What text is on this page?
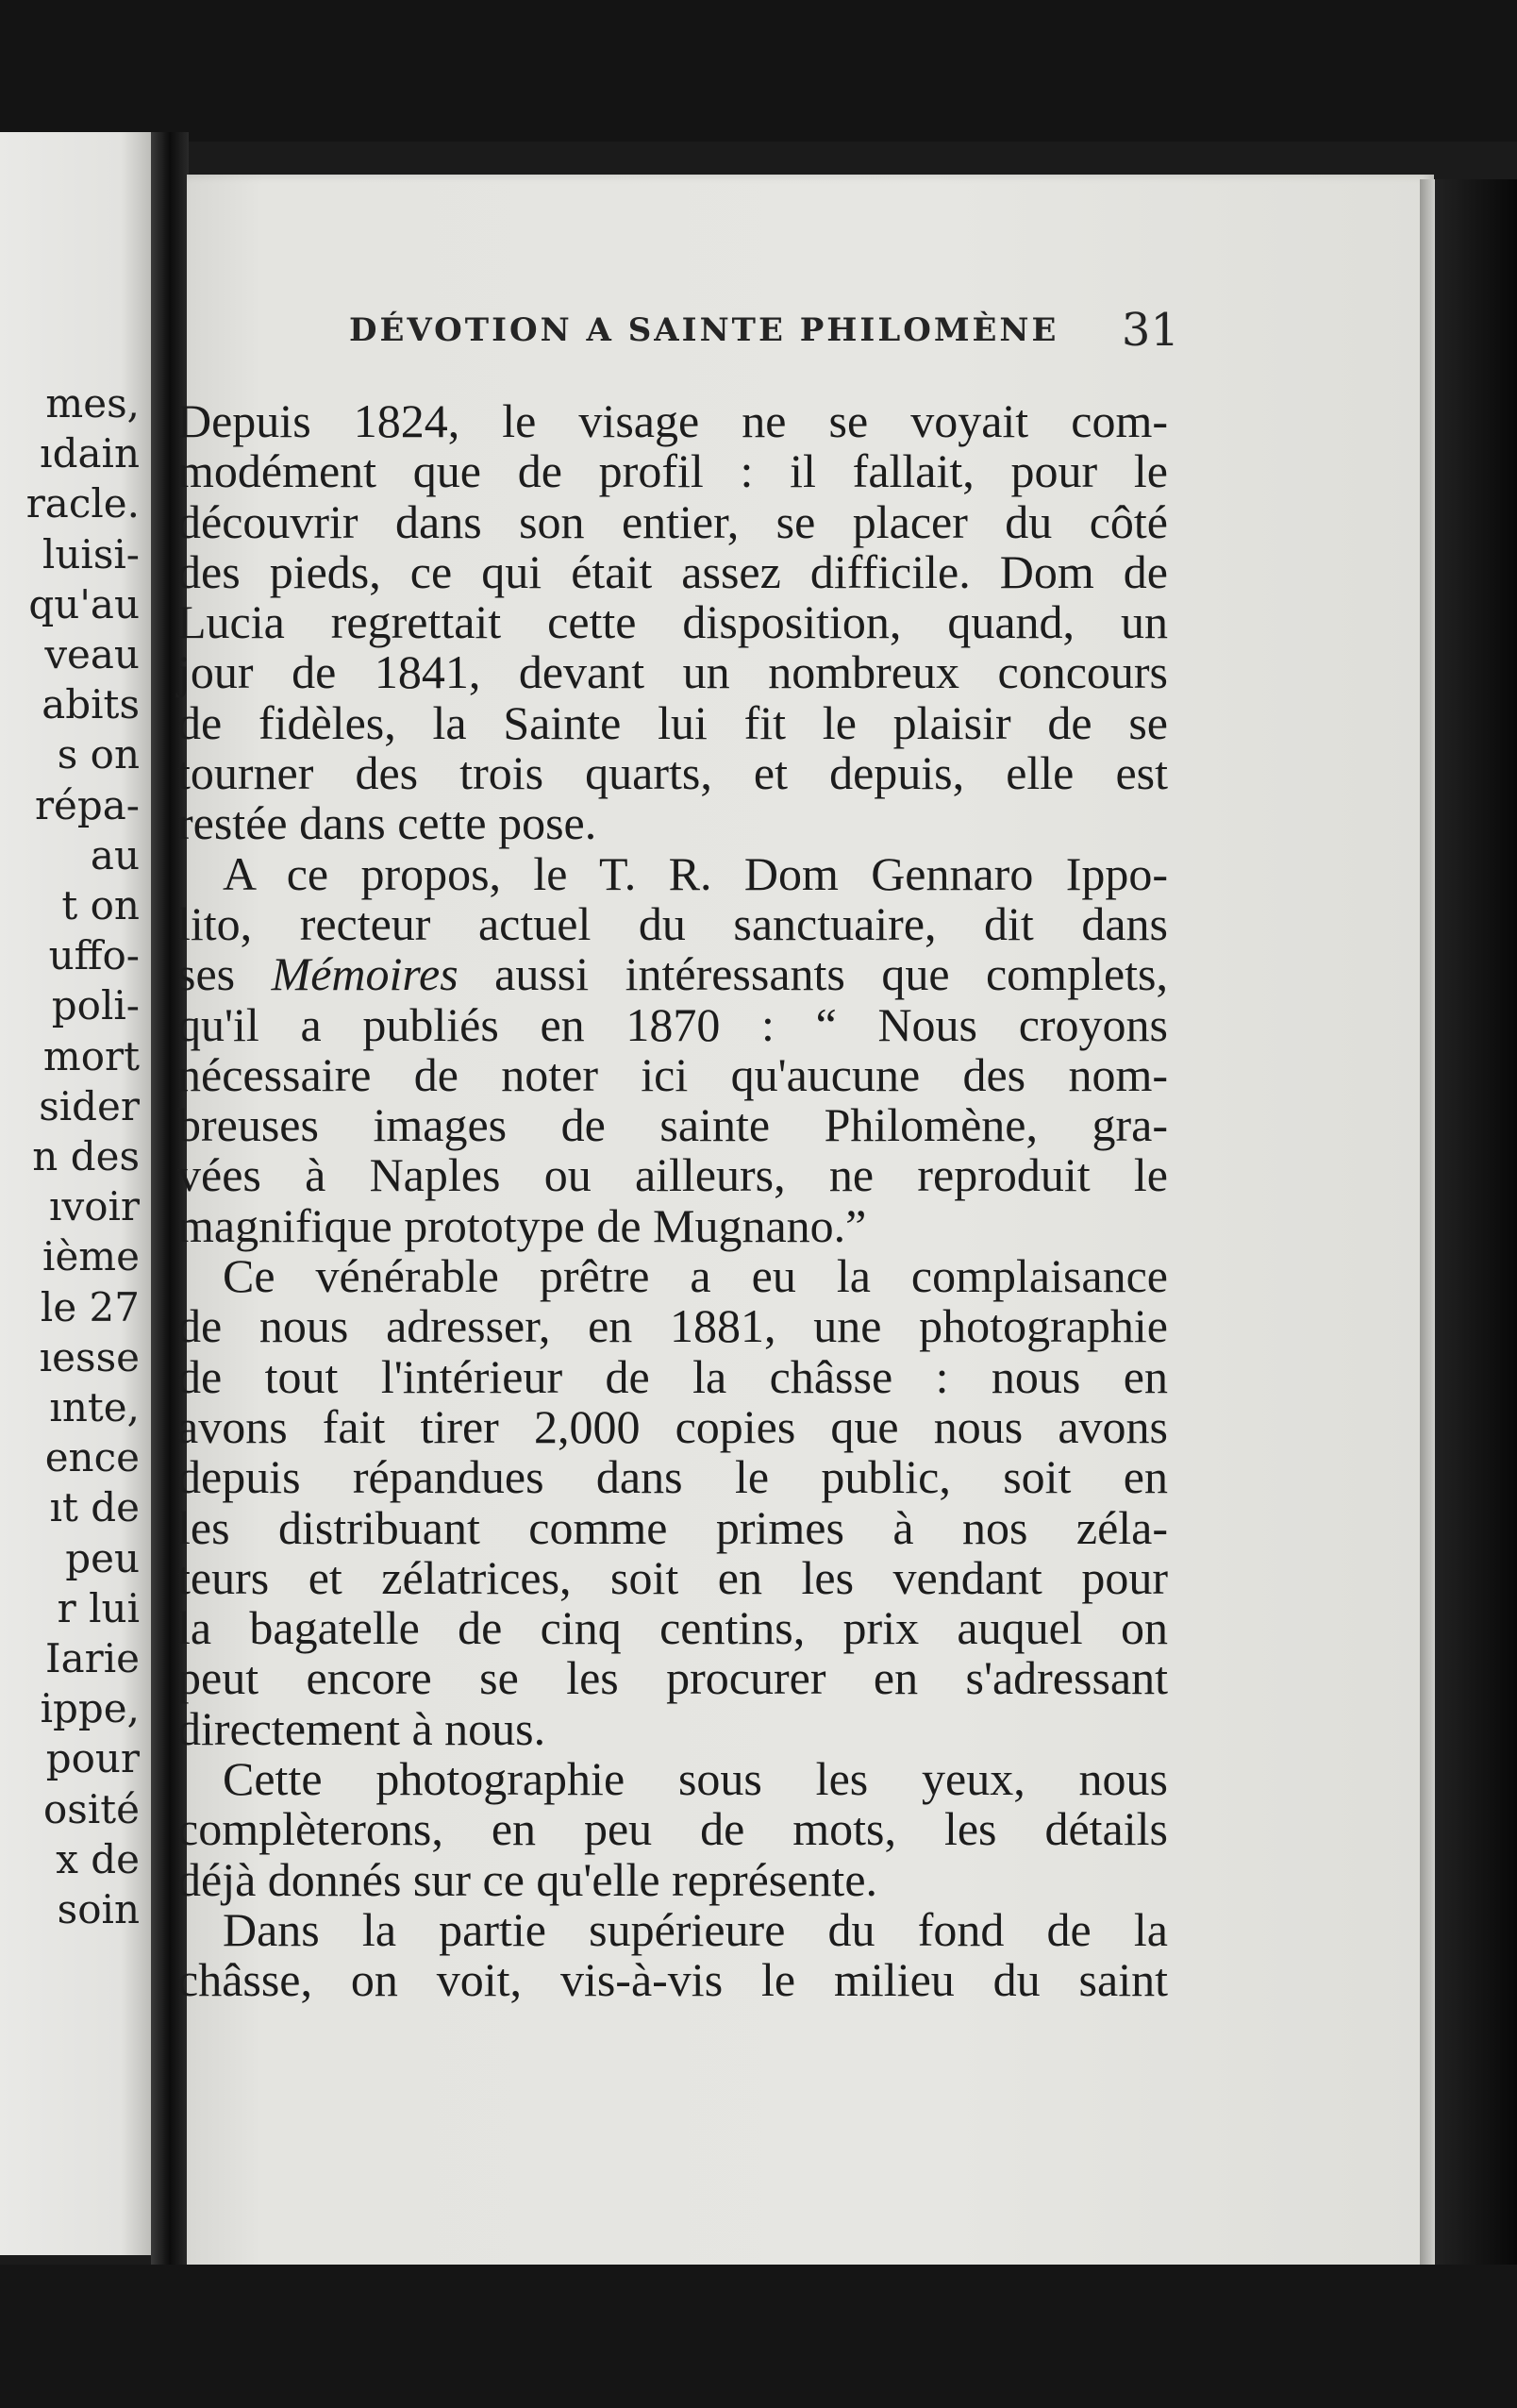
mes,
ıdain
racle.
luisi-
qu'au
veau
abits
s on
répa-
au
t on
uffo-
poli-
mort
sider
n des
ıvoir
ième
le 27
ıesse
ınte,
ence
ıt de
peu
r lui
Iarie
ippe,
pour
osité
x de
soin
DÉVOTION A SAINTE PHILOMÈNE 31
Depuis 1824, le visage ne se voyait com-
modément que de profil : il fallait, pour le
découvrir dans son entier, se placer du côté
des pieds, ce qui était assez difficile. Dom de
Lucia regrettait cette disposition, quand, un
jour de 1841, devant un nombreux concours
de fidèles, la Sainte lui fit le plaisir de se
tourner des trois quarts, et depuis, elle est
restée dans cette pose.
A ce propos, le T. R. Dom Gennaro Ippo-
lito, recteur actuel du sanctuaire, dit dans
ses Mémoires aussi intéressants que complets,
qu'il a publiés en 1870 : “ Nous croyons
nécessaire de noter ici qu'aucune des nom-
breuses images de sainte Philomène, gra-
vées à Naples ou ailleurs, ne reproduit le
magnifique prototype de Mugnano.”
Ce vénérable prêtre a eu la complaisance
de nous adresser, en 1881, une photographie
de tout l'intérieur de la châsse : nous en
avons fait tirer 2,000 copies que nous avons
depuis répandues dans le public, soit en
les distribuant comme primes à nos zéla-
teurs et zélatrices, soit en les vendant pour
la bagatelle de cinq centins, prix auquel on
peut encore se les procurer en s'adressant
directement à nous.
Cette photographie sous les yeux, nous
complèterons, en peu de mots, les détails
déjà donnés sur ce qu'elle représente.
Dans la partie supérieure du fond de la
châsse, on voit, vis-à-vis le milieu du saint
